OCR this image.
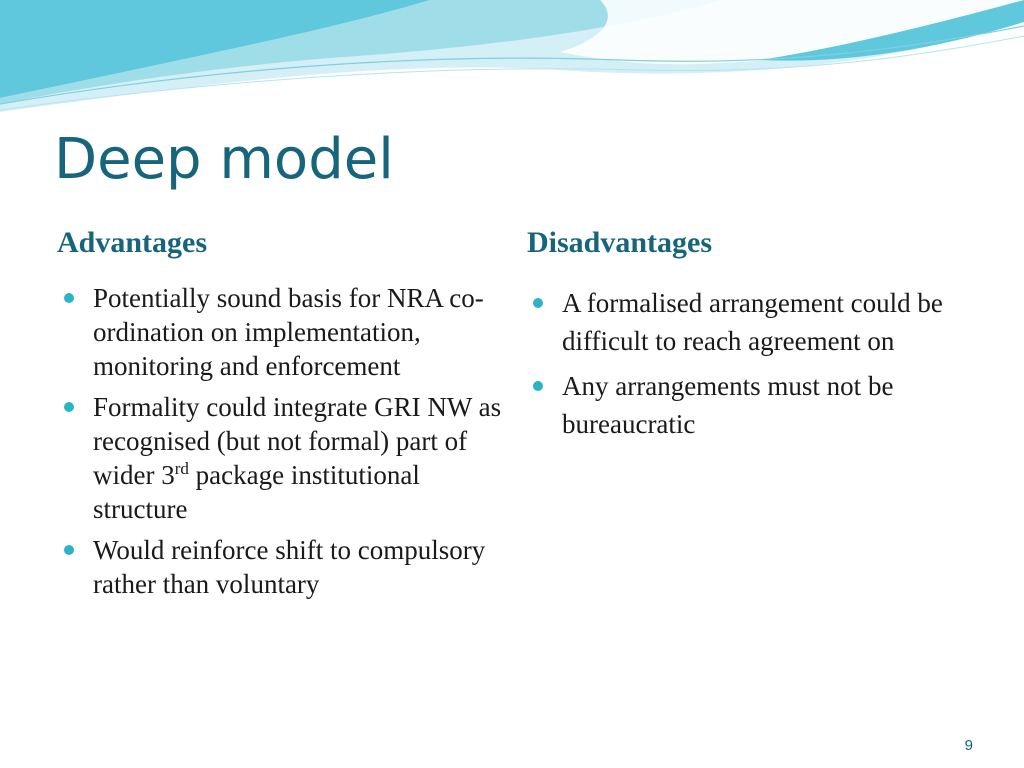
Deep model
Advantages	Disadvantages
Potentially sound basis for NRA co-ordination on implementation, monitoring and enforcement
Formality could integrate GRI NW as recognised (but not formal) part of wider 3rd package institutional structure
Would reinforce shift to compulsory rather than voluntary
A formalised arrangement could be difficult to reach agreement on
Any arrangements must not be bureaucratic
9
